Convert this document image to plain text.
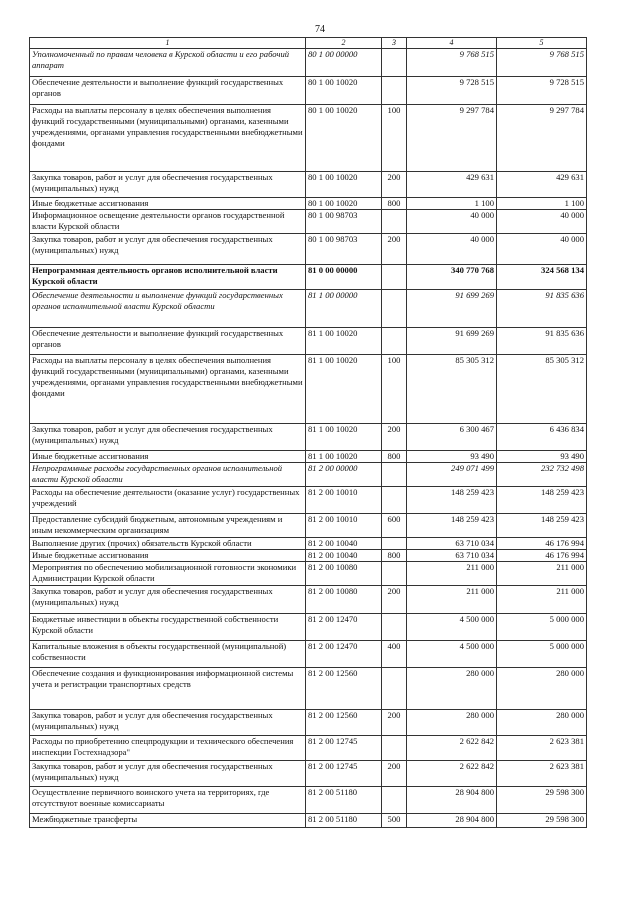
74
1	2	3	4	5
Уполномоченный по правам человека в Курской области и его рабочий аппарат	80 1 00 00000		9 768 515	9 768 515
Обеспечение деятельности и выполнение функций государственных органов	80 1 00 10020		9 728 515	9 728 515
Расходы на выплаты персоналу в целях обеспечения выполнения функций государственными (муниципальными) органами, казенными учреждениями, органами управления государственными внебюджетными фондами	80 1 00 10020	100	9 297 784	9 297 784
Закупка товаров, работ и услуг для обеспечения государственных (муниципальных) нужд	80 1 00 10020	200	429 631	429 631
Иные бюджетные ассигнования	80 1 00 10020	800	1 100	1 100
Информационное освещение деятельности органов государственной власти Курской области	80 1 00 98703		40 000	40 000
Закупка товаров, работ и услуг для обеспечения государственных (муниципальных) нужд	80 1 00 98703	200	40 000	40 000
Непрограммная деятельность органов исполнительной власти Курской области	81 0 00 00000		340 770 768	324 568 134
Обеспечение деятельности и выполнение функций государственных органов исполнительной власти Курской области	81 1 00 00000		91 699 269	91 835 636
Обеспечение деятельности и выполнение функций государственных органов	81 1 00 10020		91 699 269	91 835 636
Расходы на выплаты персоналу в целях обеспечения выполнения функций государственными (муниципальными) органами, казенными учреждениями, органами управления государственными внебюджетными фондами	81 1 00 10020	100	85 305 312	85 305 312
Закупка товаров, работ и услуг для обеспечения государственных (муниципальных) нужд	81 1 00 10020	200	6 300 467	6 436 834
Иные бюджетные ассигнования	81 1 00 10020	800	93 490	93 490
Непрограммные расходы государственных органов исполнительной власти Курской области	81 2 00 00000		249 071 499	232 732 498
Расходы на обеспечение деятельности (оказание услуг) государственных учреждений	81 2 00 10010		148 259 423	148 259 423
Предоставление субсидий бюджетным, автономным учреждениям и иным некоммерческим организациям	81 2 00 10010	600	148 259 423	148 259 423
Выполнение других (прочих) обязательств Курской области	81 2 00 10040		63 710 034	46 176 994
Иные бюджетные ассигнования	81 2 00 10040	800	63 710 034	46 176 994
Мероприятия по обеспечению мобилизационной готовности экономики Администрации Курской области	81 2 00 10080		211 000	211 000
Закупка товаров, работ и услуг для обеспечения государственных (муниципальных) нужд	81 2 00 10080	200	211 000	211 000
Бюджетные инвестиции в объекты государственной собственности Курской области	81 2 00 12470		4 500 000	5 000 000
Капитальные вложения в объекты государственной (муниципальной) собственности	81 2 00 12470	400	4 500 000	5 000 000
Обеспечение создания и функционирования информационной системы учета и регистрации транспортных средств	81 2 00 12560		280 000	280 000
Закупка товаров, работ и услуг для обеспечения государственных (муниципальных) нужд	81 2 00 12560	200	280 000	280 000
Расходы по приобретению спецпродукции и технического обеспечения инспекции Гостехнадзора"	81 2 00 12745		2 622 842	2 623 381
Закупка товаров, работ и услуг для обеспечения государственных (муниципальных) нужд	81 2 00 12745	200	2 622 842	2 623 381
Осуществление первичного воинского учета на территориях, где отсутствуют военные комиссариаты	81 2 00 51180		28 904 800	29 598 300
Межбюджетные трансферты	81 2 00 51180	500	28 904 800	29 598 300
